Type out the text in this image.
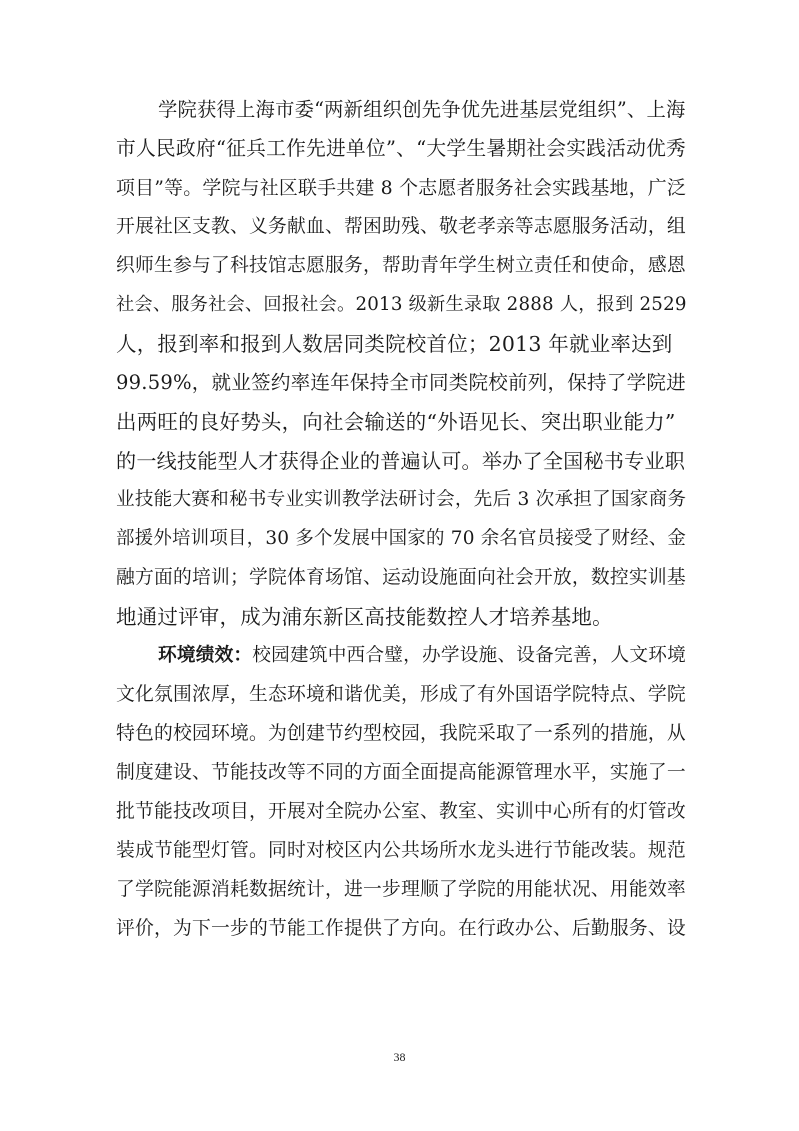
学院获得上海市委“两新组织创先争优先进基层党组织”、上海
市人民政府“征兵工作先进单位”、“大学生暑期社会实践活动优秀
项目”等。学院与社区联手共建 8 个志愿者服务社会实践基地，广泛
开展社区支教、义务献血、帮困助残、敬老孝亲等志愿服务活动，组
织师生参与了科技馆志愿服务，帮助青年学生树立责任和使命，感恩
社会、服务社会、回报社会。2013 级新生录取 2888 人，报到 2529
人，报到率和报到人数居同类院校首位；2013 年就业率达到
99.59%，就业签约率连年保持全市同类院校前列，保持了学院进
出两旺的良好势头，向社会输送的“外语见长、突出职业能力”
的一线技能型人才获得企业的普遍认可。举办了全国秘书专业职
业技能大赛和秘书专业实训教学法研讨会，先后 3 次承担了国家商务
部援外培训项目，30 多个发展中国家的 70 余名官员接受了财经、金
融方面的培训；学院体育场馆、运动设施面向社会开放，数控实训基
地通过评审，成为浦东新区高技能数控人才培养基地。
环境绩效：校园建筑中西合璧，办学设施、设备完善，人文环境
文化氛围浓厚，生态环境和谐优美，形成了有外国语学院特点、学院
特色的校园环境。为创建节约型校园，我院采取了一系列的措施，从
制度建设、节能技改等不同的方面全面提高能源管理水平，实施了一
批节能技改项目，开展对全院办公室、教室、实训中心所有的灯管改
装成节能型灯管。同时对校区内公共场所水龙头进行节能改装。规范
了学院能源消耗数据统计，进一步理顺了学院的用能状况、用能效率
评价，为下一步的节能工作提供了方向。在行政办公、后勤服务、设
38
